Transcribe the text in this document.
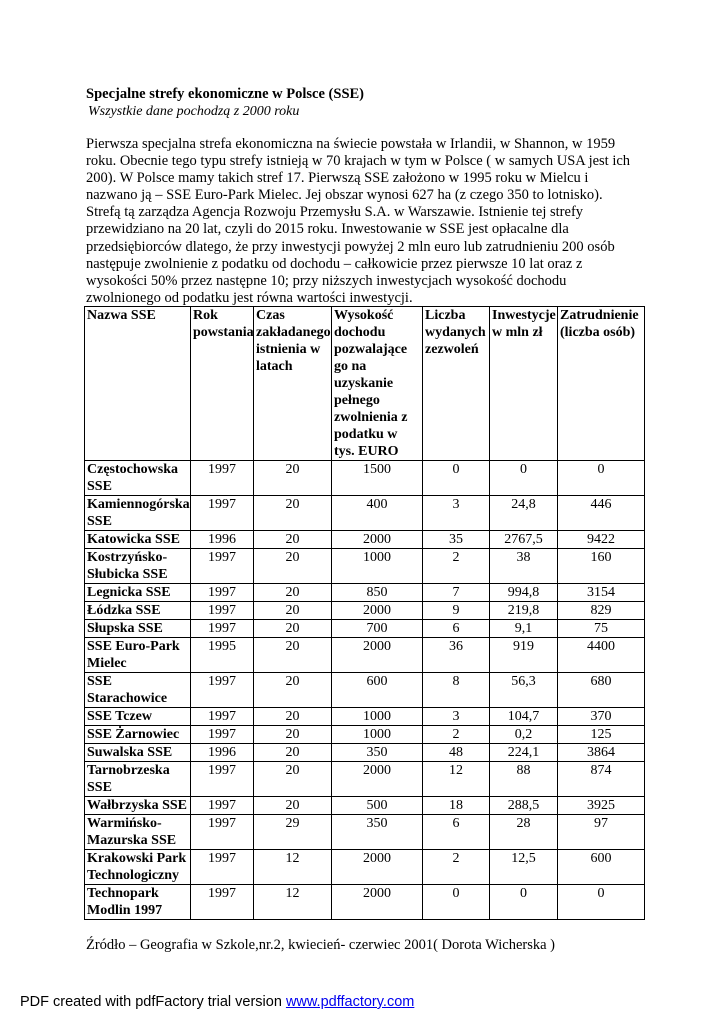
Specjalne strefy ekonomiczne w Polsce (SSE)
Wszystkie dane pochodzą z 2000 roku
Pierwsza specjalna strefa ekonomiczna na świecie powstała w Irlandii, w Shannon, w 1959
roku. Obecnie tego typu strefy istnieją w 70 krajach w tym w Polsce ( w samych USA jest ich
200). W Polsce mamy takich stref 17. Pierwszą SSE założono w 1995 roku w Mielcu i
nazwano ją – SSE Euro-Park Mielec. Jej obszar wynosi 627 ha (z czego 350 to lotnisko).
Strefą tą zarządza Agencja Rozwoju Przemysłu S.A. w Warszawie. Istnienie tej strefy
przewidziano na 20 lat, czyli do 2015 roku. Inwestowanie w SSE jest opłacalne dla
przedsiębiorców dlatego, że przy inwestycji powyżej 2 mln euro lub zatrudnieniu 200 osób
następuje zwolnienie z podatku od dochodu – całkowicie przez pierwsze 10 lat oraz z
wysokości 50% przez następne 10; przy niższych inwestycjach wysokość dochodu
zwolnionego od podatku jest równa wartości inwestycji.
Nazwa SSE	Rok powstania	Czas zakładanego istnienia w latach	Wysokość dochodu pozwalające go na uzyskanie pełnego zwolnienia z podatku w tys. EURO	Liczba wydanych zezwoleń	Inwestycje w mln zł	Zatrudnienie (liczba osób)
Częstochowska SSE	1997	20	1500	0	0	0
Kamiennogórska SSE	1997	20	400	3	24,8	446
Katowicka SSE	1996	20	2000	35	2767,5	9422
Kostrzyńsko-Słubicka SSE	1997	20	1000	2	38	160
Legnicka SSE	1997	20	850	7	994,8	3154
Łódzka SSE	1997	20	2000	9	219,8	829
Słupska SSE	1997	20	700	6	9,1	75
SSE Euro-Park Mielec	1995	20	2000	36	919	4400
SSE Starachowice	1997	20	600	8	56,3	680
SSE Tczew	1997	20	1000	3	104,7	370
SSE Żarnowiec	1997	20	1000	2	0,2	125
Suwalska SSE	1996	20	350	48	224,1	3864
Tarnobrzeska SSE	1997	20	2000	12	88	874
Wałbrzyska SSE	1997	20	500	18	288,5	3925
Warmińsko-Mazurska SSE	1997	29	350	6	28	97
Krakowski Park Technologiczny	1997	12	2000	2	12,5	600
Technopark Modlin 1997	1997	12	2000	0	0	0
Źródło – Geografia w Szkole,nr.2, kwiecień- czerwiec 2001( Dorota Wicherska )
PDF created with pdfFactory trial version www.pdffactory.com
